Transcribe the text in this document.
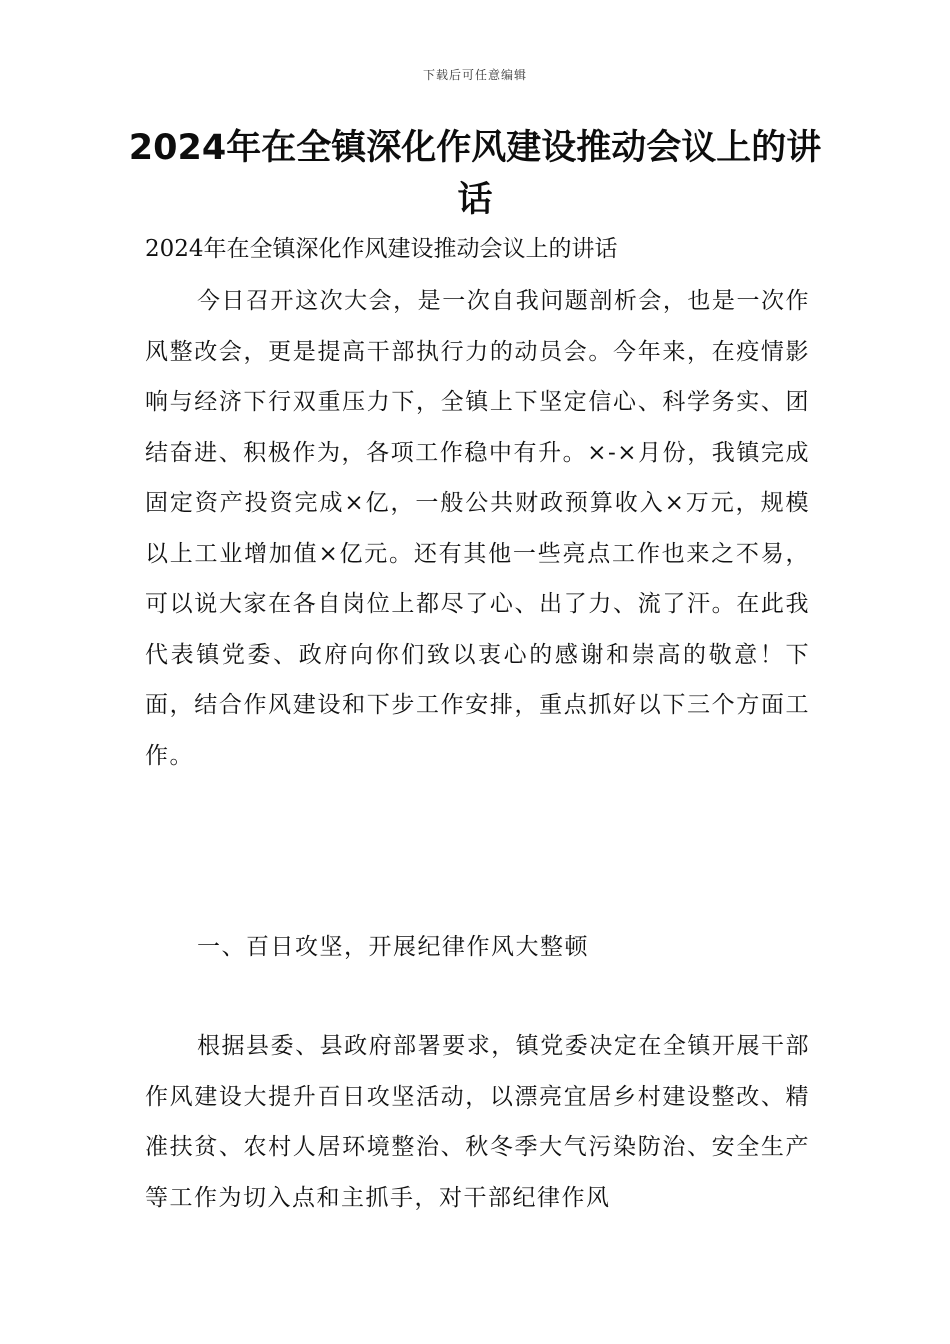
下载后可任意编辑
2024年在全镇深化作风建设推动会议上的讲话

2024年在全镇深化作风建设推动会议上的讲话

今日召开这次大会，是一次自我问题剖析会，也是一次作风整改会，更是提高干部执行力的动员会。今年来，在疫情影响与经济下行双重压力下，全镇上下坚定信心、科学务实、团结奋进、积极作为，各项工作稳中有升。×-×月份，我镇完成固定资产投资完成×亿，一般公共财政预算收入×万元，规模以上工业增加值×亿元。还有其他一些亮点工作也来之不易，可以说大家在各自岗位上都尽了心、出了力、流了汗。在此我代表镇党委、政府向你们致以衷心的感谢和崇高的敬意！下面，结合作风建设和下步工作安排，重点抓好以下三个方面工作。

一、百日攻坚，开展纪律作风大整顿

根据县委、县政府部署要求，镇党委决定在全镇开展干部作风建设大提升百日攻坚活动，以漂亮宜居乡村建设整改、精准扶贫、农村人居环境整治、秋冬季大气污染防治、安全生产等工作为切入点和主抓手，对干部纪律作风
